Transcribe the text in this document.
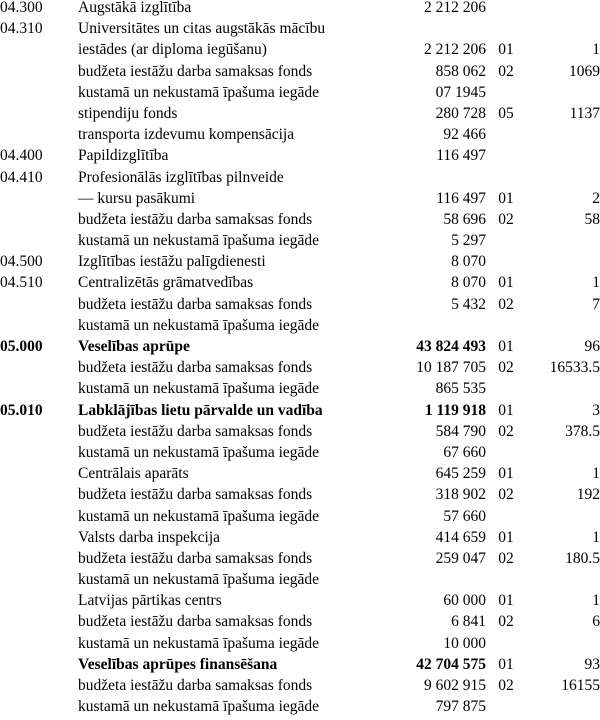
04.300	Augstākā izglītība	2 212 206		
04.310	Universitātes un citas augstākās mācību			
	iestādes (ar diploma iegūšanu)	2 212 206	01	1
	budžeta iestāžu darba samaksas fonds	858 062	02	1069
	kustamā un nekustamā īpašuma iegāde	07 1945		
	stipendiju fonds	280 728	05	1137
	transporta izdevumu kompensācija	92 466		
04.400	Papildizglītība	116 497		
04.410	Profesionālās izglītības pilnveide			
	— kursu pasākumi	116 497	01	2
	budžeta iestāžu darba samaksas fonds	58 696	02	58
	kustamā un nekustamā īpašuma iegāde	5 297		
04.500	Izglītības iestāžu palīgdienesti	8 070		
04.510	Centralizētās grāmatvedības	8 070	01	1
	budžeta iestāžu darba samaksas fonds	5 432	02	7
	kustamā un nekustamā īpašuma iegāde			
05.000	Veselības aprūpe	43 824 493	01	96
	budžeta iestāžu darba samaksas fonds	10 187 705	02	16533.5
	kustamā un nekustamā īpašuma iegāde	865 535		
05.010	Labklājības lietu pārvalde un vadība	1 119 918	01	3
	budžeta iestāžu darba samaksas fonds	584 790	02	378.5
	kustamā un nekustamā īpašuma iegāde	67 660		
	Centrālais aparāts	645 259	01	1
	budžeta iestāžu darba samaksas fonds	318 902	02	192
	kustamā un nekustamā īpašuma iegāde	57 660		
	Valsts darba inspekcija	414 659	01	1
	budžeta iestāžu darba samaksas fonds	259 047	02	180.5
	kustamā un nekustamā īpašuma iegāde			
	Latvijas pārtikas centrs	60 000	01	1
	budžeta iestāžu darba samaksas fonds	6 841	02	6
	kustamā un nekustamā īpašuma iegāde	10 000		
	Veselības aprūpes finansēšana	42 704 575	01	93
	budžeta iestāžu darba samaksas fonds	9 602 915	02	16155
	kustamā un nekustamā īpašuma iegāde	797 875		
